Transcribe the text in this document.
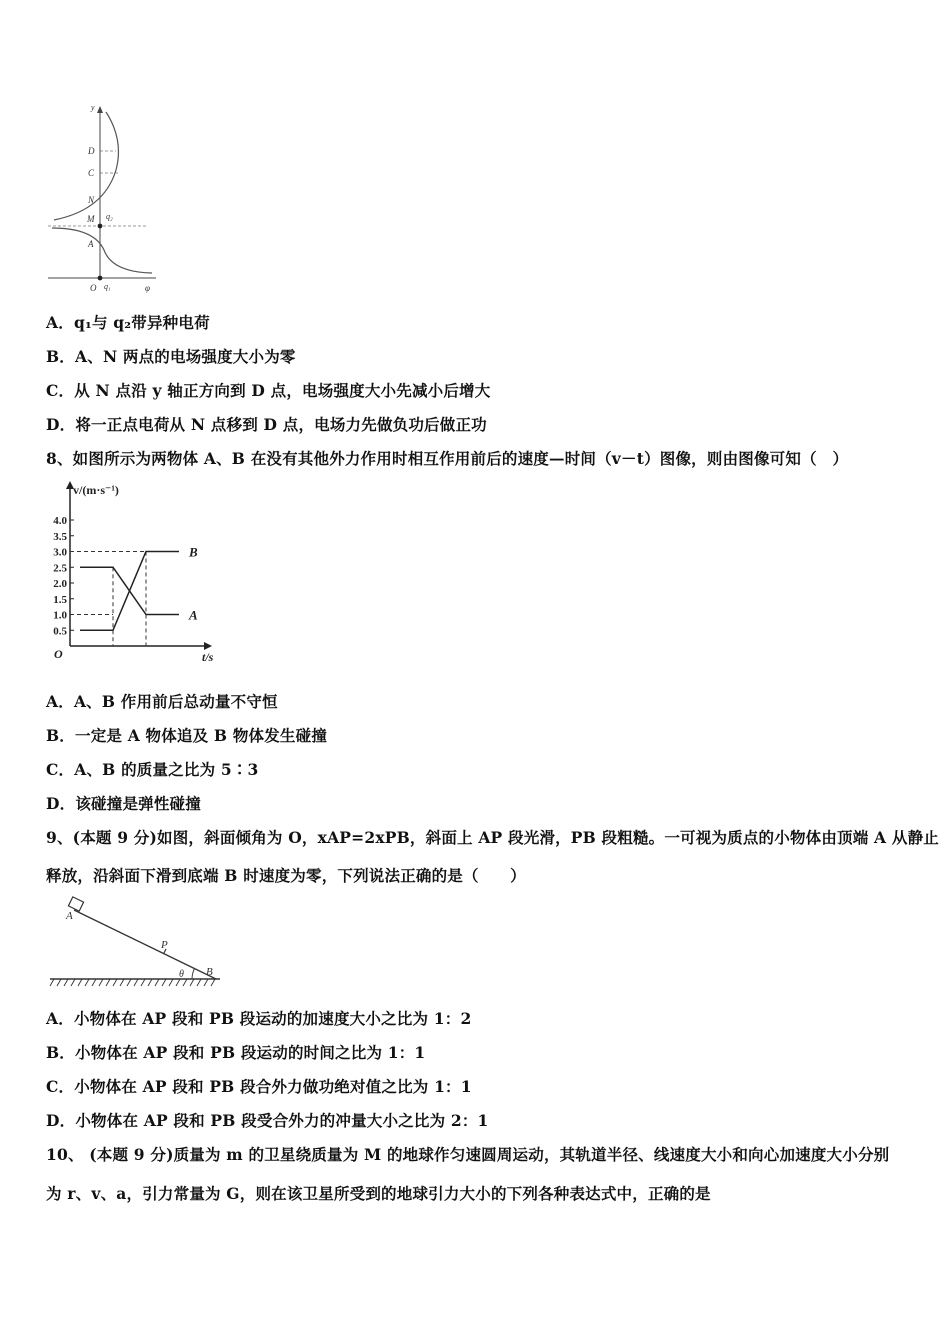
y
D
C
N
M q₂
A
O q₁	φ
A．q₁与 q₂带异种电荷
B．A、N 两点的电场强度大小为零
C．从 N 点沿 y 轴正方向到 D 点，电场强度大小先减小后增大
D．将一正点电荷从 N 点移到 D 点，电场力先做负功后做正功
8、如图所示为两物体 A、B 在没有其他外力作用时相互作用前后的速度—时间（v－t）图像，则由图像可知（　）
0.5
1.0
1.5
2.0
2.5
3.0
3.5
4.0
v/(m·s⁻¹)
t/s
O
A
B
A．A、B 作用前后总动量不守恒
B．一定是 A 物体追及 B 物体发生碰撞
C．A、B 的质量之比为 5∶3
D．该碰撞是弹性碰撞
9、(本题 9 分)如图，斜面倾角为 O，xAP=2xPB，斜面上 AP 段光滑，PB 段粗糙。一可视为质点的小物体由顶端 A 从静止
释放，沿斜面下滑到底端 B 时速度为零，下列说法正确的是（　　）
A
P
B
θ
A．小物体在 AP 段和 PB 段运动的加速度大小之比为 1：2
B．小物体在 AP 段和 PB 段运动的时间之比为 1：1
C．小物体在 AP 段和 PB 段合外力做功绝对值之比为 1：1
D．小物体在 AP 段和 PB 段受合外力的冲量大小之比为 2：1
10、 (本题 9 分)质量为 m 的卫星绕质量为 M 的地球作匀速圆周运动，其轨道半径、线速度大小和向心加速度大小分别
为 r、v、a，引力常量为 G，则在该卫星所受到的地球引力大小的下列各种表达式中，正确的是
